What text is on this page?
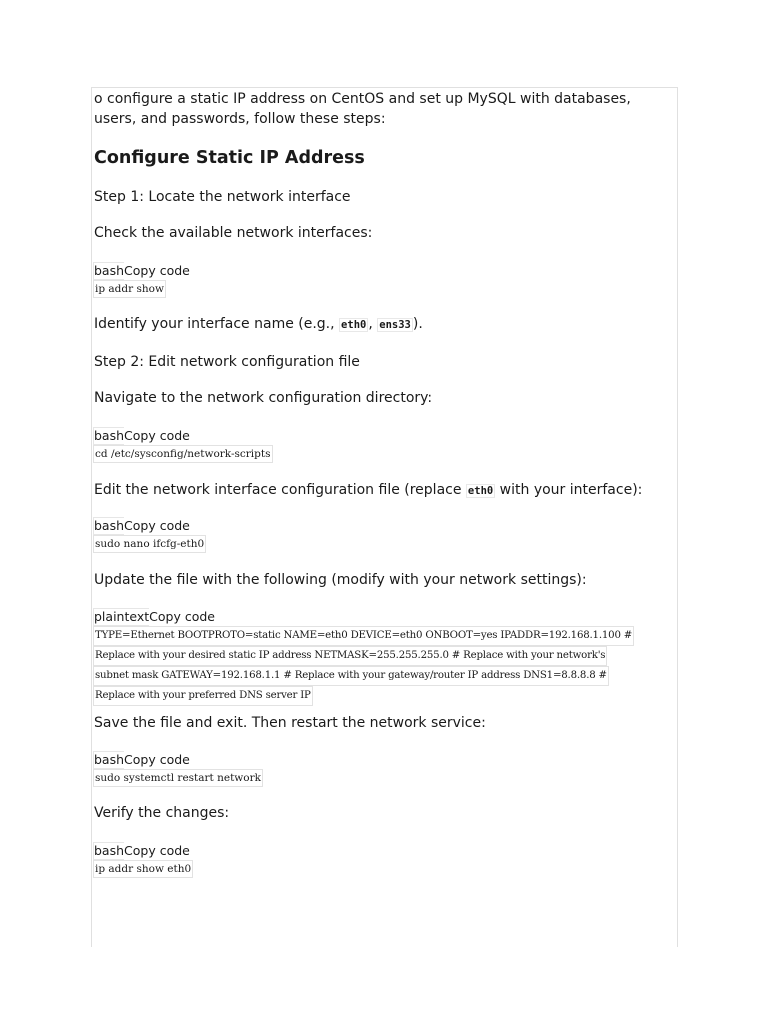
o configure a static IP address on CentOS and set up MySQL with databases, users, and passwords, follow these steps:

Configure Static IP Address

Step 1: Locate the network interface

Check the available network interfaces:

bashCopy code
ip addr show

Identify your interface name (e.g., eth0 , ens33 ).

Step 2: Edit network configuration file

Navigate to the network configuration directory:

bashCopy code
cd /etc/sysconfig/network-scripts

Edit the network interface configuration file (replace eth0 with your interface):

bashCopy code
sudo nano ifcfg-eth0

Update the file with the following (modify with your network settings):

plaintextCopy code
TYPE=Ethernet BOOTPROTO=static NAME=eth0 DEVICE=eth0 ONBOOT=yes IPADDR=192.168.1.100 #
Replace with your desired static IP address NETMASK=255.255.255.0 # Replace with your network's
subnet mask GATEWAY=192.168.1.1 # Replace with your gateway/router IP address DNS1=8.8.8.8 #
Replace with your preferred DNS server IP

Save the file and exit. Then restart the network service:

bashCopy code
sudo systemctl restart network

Verify the changes:

bashCopy code
ip addr show eth0
